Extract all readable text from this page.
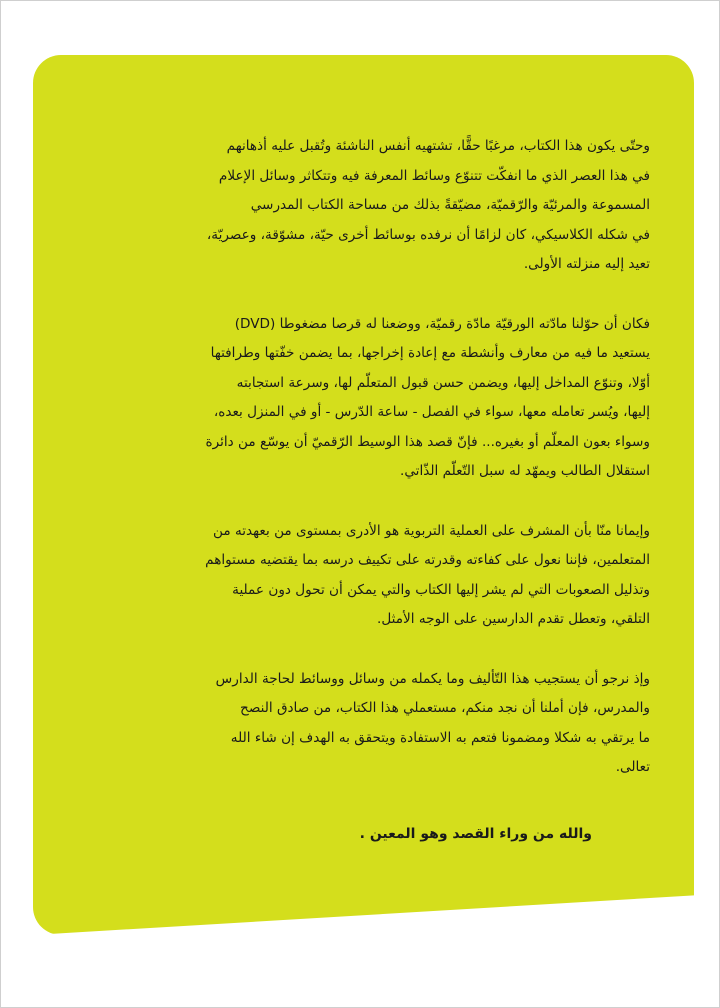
وحتّى يكون هذا الكتاب، مرغبًا حقًّا، تشتهيه أنفس الناشئة وتُقبل عليه أذهانهم
في هذا العصر الذي ما انفكّت تتنوّع وسائط المعرفة فيه وتتكاثر وسائل الإعلام
المسموعة والمرئيّة والرّقميّة، مضيّقةً بذلك من مساحة الكتاب المدرسي
في شكله الكلاسيكي، كان لزامًا أن نرفده بوسائط أخرى حيّة، مشوّقة، وعصريّة،
تعيد إليه منزلته الأولى.

فكان أن حوّلنا مادّته الورقيّة مادّة رقميّة، ووضعنا له قرصا مضغوطا (DVD)
يستعيد ما فيه من معارف وأنشطة مع إعادة إخراجها، بما يضمن خفّتها وطرافتها
أوّلا، وتنوّع المداخل إليها، ويضمن حسن قبول المتعلّم لها، وسرعة استجابته
إليها، ويُسر تعامله معها، سواء في الفصل - ساعة الدّرس - أو في المنزل بعده،
وسواء بعون المعلّم أو بغيره... فإنّ قصد هذا الوسيط الرّقميّ أن يوسّع من دائرة
استقلال الطالب ويمهّد له سبل التّعلّم الذّاتي.

وإيمانا منّا بأن المشرف على العملية التربوية هو الأدرى بمستوى من بعهدته من
المتعلمين، فإننا نعول على كفاءته وقدرته على تكييف درسه بما يقتضيه مستواهم
وتذليل الصعوبات التي لم يشر إليها الكتاب والتي يمكن أن تحول دون عملية
التلقي، وتعطل تقدم الدارسين على الوجه الأمثل.

وإذ نرجو أن يستجيب هذا التّأليف وما يكمله من وسائل ووسائط لحاجة الدارس
والمدرس، فإن أملنا أن نجد منكم، مستعملي هذا الكتاب، من صادق النصح
ما يرتقي به شكلا ومضمونا فتعم به الاستفادة ويتحقق به الهدف إن شاء الله
تعالى.

والله من وراء القصد وهو المعين .
